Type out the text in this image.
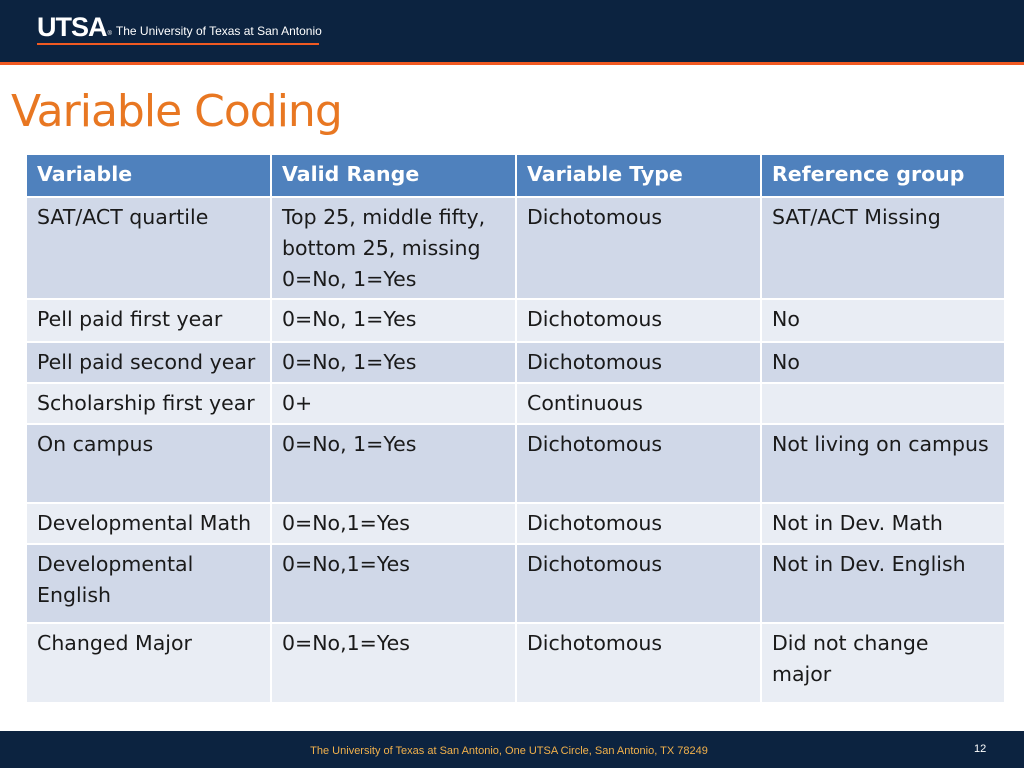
UTSA ® The University of Texas at San Antonio
Variable Coding
Variable	Valid Range	Variable Type	Reference group
SAT/ACT quartile	Top 25, middle fifty, bottom 25, missing 0=No, 1=Yes	Dichotomous	SAT/ACT Missing
Pell paid first year	0=No, 1=Yes	Dichotomous	No
Pell paid second year	0=No, 1=Yes	Dichotomous	No
Scholarship first year	0+	Continuous	
On campus	0=No, 1=Yes	Dichotomous	Not living on campus
Developmental Math	0=No,1=Yes	Dichotomous	Not in Dev. Math
Developmental English	0=No,1=Yes	Dichotomous	Not in Dev. English
Changed Major	0=No,1=Yes	Dichotomous	Did not change major
The University of Texas at San Antonio, One UTSA Circle, San Antonio, TX 78249	12
